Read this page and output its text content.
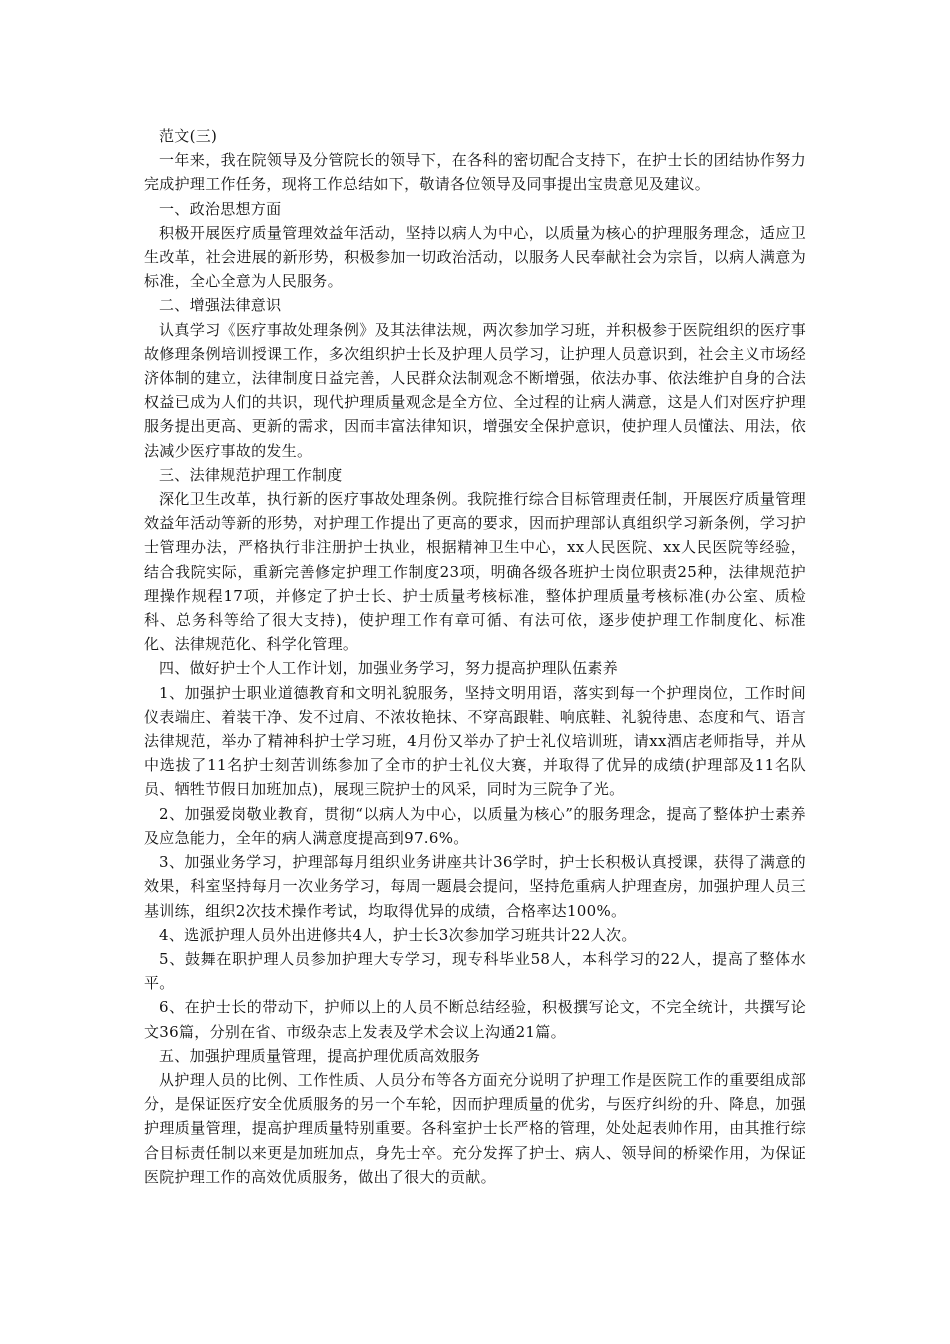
范文(三)

一年来，我在院领导及分管院长的领导下，在各科的密切配合支持下，在护士长的团结协作努力完成护理工作任务，现将工作总结如下，敬请各位领导及同事提出宝贵意见及建议。

一、政治思想方面

积极开展医疗质量管理效益年活动，坚持以病人为中心，以质量为核心的护理服务理念，适应卫生改革，社会进展的新形势，积极参加一切政治活动，以服务人民奉献社会为宗旨，以病人满意为标准，全心全意为人民服务。

二、增强法律意识

认真学习《医疗事故处理条例》及其法律法规，两次参加学习班，并积极参于医院组织的医疗事故修理条例培训授课工作，多次组织护士长及护理人员学习，让护理人员意识到，社会主义市场经济体制的建立，法律制度日益完善，人民群众法制观念不断增强，依法办事、依法维护自身的合法权益已成为人们的共识，现代护理质量观念是全方位、全过程的让病人满意，这是人们对医疗护理服务提出更高、更新的需求，因而丰富法律知识，增强安全保护意识，使护理人员懂法、用法，依法减少医疗事故的发生。

三、法律规范护理工作制度

深化卫生改革，执行新的医疗事故处理条例。我院推行综合目标管理责任制，开展医疗质量管理效益年活动等新的形势，对护理工作提出了更高的要求，因而护理部认真组织学习新条例，学习护士管理办法，严格执行非注册护士执业，根据精神卫生中心，xx人民医院、xx人民医院等经验，结合我院实际，重新完善修定护理工作制度23项，明确各级各班护士岗位职责25种，法律规范护理操作规程17项，并修定了护士长、护士质量考核标准，整体护理质量考核标准(办公室、质检科、总务科等给了很大支持)，使护理工作有章可循、有法可依，逐步使护理工作制度化、标准化、法律规范化、科学化管理。

四、做好护士个人工作计划，加强业务学习，努力提高护理队伍素养

1、加强护士职业道德教育和文明礼貌服务，坚持文明用语，落实到每一个护理岗位，工作时间仪表端庄、着装干净、发不过肩、不浓妆艳抹、不穿高跟鞋、响底鞋、礼貌待患、态度和气、语言法律规范，举办了精神科护士学习班，4月份又举办了护士礼仪培训班，请xx酒店老师指导，并从中选拔了11名护士刻苦训练参加了全市的护士礼仪大赛，并取得了优异的成绩(护理部及11名队员、牺牲节假日加班加点)，展现三院护士的风采，同时为三院争了光。

2、加强爱岗敬业教育，贯彻“以病人为中心，以质量为核心”的服务理念，提高了整体护士素养及应急能力，全年的病人满意度提高到97.6%。

3、加强业务学习，护理部每月组织业务讲座共计36学时，护士长积极认真授课，获得了满意的效果，科室坚持每月一次业务学习，每周一题晨会提问，坚持危重病人护理查房，加强护理人员三基训练，组织2次技术操作考试，均取得优异的成绩，合格率达100%。

4、选派护理人员外出进修共4人，护士长3次参加学习班共计22人次。

5、鼓舞在职护理人员参加护理大专学习，现专科毕业58人，本科学习的22人，提高了整体水平。

6、在护士长的带动下，护师以上的人员不断总结经验，积极撰写论文，不完全统计，共撰写论文36篇，分别在省、市级杂志上发表及学术会议上沟通21篇。

五、加强护理质量管理，提高护理优质高效服务

从护理人员的比例、工作性质、人员分布等各方面充分说明了护理工作是医院工作的重要组成部分，是保证医疗安全优质服务的另一个车轮，因而护理质量的优劣，与医疗纠纷的升、降息，加强护理质量管理，提高护理质量特别重要。各科室护士长严格的管理，处处起表帅作用，由其推行综合目标责任制以来更是加班加点，身先士卒。充分发挥了护士、病人、领导间的桥梁作用，为保证医院护理工作的高效优质服务，做出了很大的贡献。
